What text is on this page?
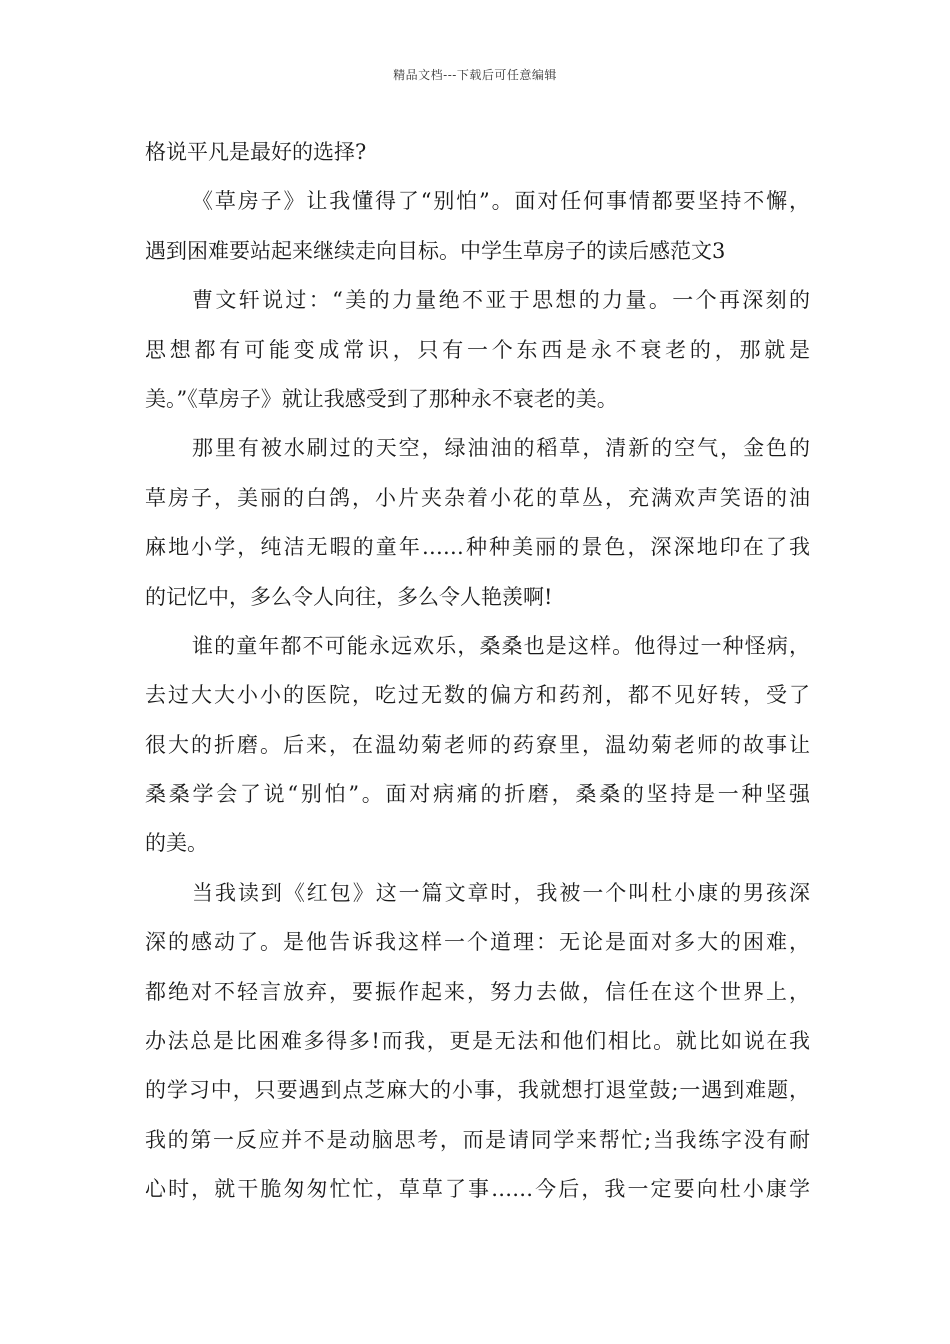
精品文档---下载后可任意编辑
格说平凡是最好的选择?
《草房子》让我懂得了“别怕”。面对任何事情都要坚持不懈，
遇到困难要站起来继续走向目标。中学生草房子的读后感范文3
曹文轩说过：“美的力量绝不亚于思想的力量。一个再深刻的
思想都有可能变成常识，只有一个东西是永不衰老的，那就是
美。”《草房子》就让我感受到了那种永不衰老的美。
那里有被水刷过的天空，绿油油的稻草，清新的空气，金色的
草房子，美丽的白鸽，小片夹杂着小花的草丛，充满欢声笑语的油
麻地小学，纯洁无暇的童年……种种美丽的景色，深深地印在了我
的记忆中，多么令人向往，多么令人艳羡啊!
谁的童年都不可能永远欢乐，桑桑也是这样。他得过一种怪病，
去过大大小小的医院，吃过无数的偏方和药剂，都不见好转，受了
很大的折磨。后来，在温幼菊老师的药寮里，温幼菊老师的故事让
桑桑学会了说“别怕”。面对病痛的折磨，桑桑的坚持是一种坚强
的美。
当我读到《红包》这一篇文章时，我被一个叫杜小康的男孩深
深的感动了。是他告诉我这样一个道理：无论是面对多大的困难，
都绝对不轻言放弃，要振作起来，努力去做，信任在这个世界上，
办法总是比困难多得多!而我，更是无法和他们相比。就比如说在我
的学习中，只要遇到点芝麻大的小事，我就想打退堂鼓;一遇到难题，
我的第一反应并不是动脑思考，而是请同学来帮忙;当我练字没有耐
心时，就干脆匆匆忙忙，草草了事……今后，我一定要向杜小康学
